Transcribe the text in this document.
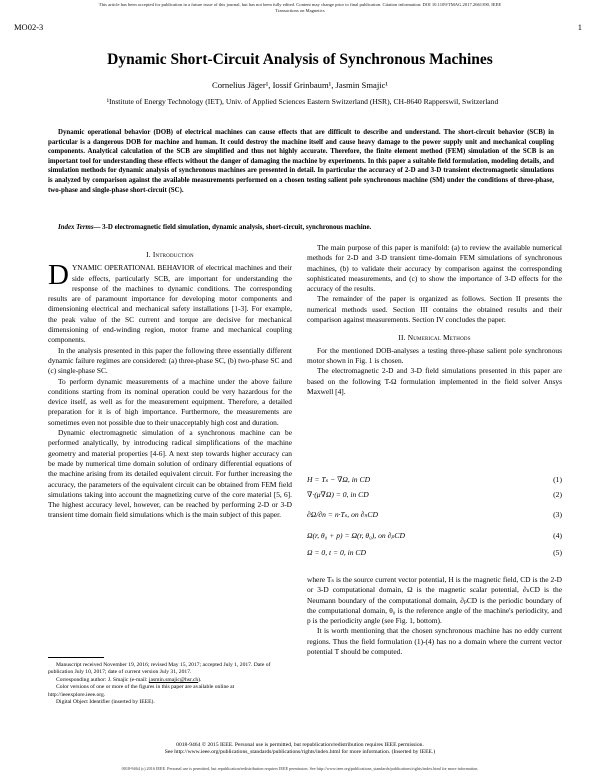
This article has been accepted for publication in a future issue of this journal, but has not been fully edited. Content may change prior to final publication. Citation information: DOI 10.1109/TMAG.2017.2661390, IEEE
Transactions on Magnetics
MO02-3	1
Dynamic Short-Circuit Analysis of Synchronous Machines
Cornelius Jäger¹, Iossif Grinbaum¹, Jasmin Smajic¹
¹Institute of Energy Technology (IET), Univ. of Applied Sciences Eastern Switzerland (HSR), CH-8640 Rapperswil, Switzerland
Dynamic operational behavior (DOB) of electrical machines can cause effects that are difficult to describe and understand. The short-circuit behavior (SCB) in particular is a dangerous DOB for machine and human. It could destroy the machine itself and cause heavy damage to the power supply unit and mechanical coupling components. Analytical calculation of the SCB are simplified and thus not highly accurate. Therefore, the finite element method (FEM) simulation of the SCB is an important tool for understanding these effects without the danger of damaging the machine by experiments. In this paper a suitable field formulation, modeling details, and simulation methods for dynamic analysis of synchronous machines are presented in detail. In particular the accuracy of 2-D and 3-D transient electromagnetic simulations is analyzed by comparison against the available measurements performed on a chosen testing salient pole synchronous machine (SM) under the conditions of three-phase, two-phase and single-phase short-circuit (SC).
Index Terms— 3-D electromagnetic field simulation, dynamic analysis, short-circuit, synchronous machine.
I. Introduction

DYNAMIC OPERATIONAL BEHAVIOR of electrical machines and their side effects, particularly SCB, are important for understanding the response of the machines to dynamic conditions. The corresponding results are of paramount importance for developing motor components and dimensioning electrical and mechanical safety installations [1-3]. For example, the peak value of the SC current and torque are decisive for mechanical dimensioning of end-winding region, motor frame and mechanical coupling components.

In the analysis presented in this paper the following three essentially different dynamic failure regimes are considered: (a) three-phase SC, (b) two-phase SC and (c) single-phase SC.

To perform dynamic measurements of a machine under the above failure conditions starting from its nominal operation could be very hazardous for the device itself, as well as for the measurement equipment. Therefore, a detailed preparation for it is of high importance. Furthermore, the measurements are sometimes even not possible due to their unacceptably high cost and duration.

Dynamic electromagnetic simulation of a synchronous machine can be performed analytically, by introducing radical simplifications of the machine geometry and material properties [4-6]. A next step towards higher accuracy can be made by numerical time domain solution of ordinary differential equations of the machine arising from its detailed equivalent circuit. For further increasing the accuracy, the parameters of the equivalent circuit can be obtained from FEM field simulations taking into account the magnetizing curve of the core material [5, 6]. The highest accuracy level, however, can be reached by performing 2-D or 3-D transient time domain field simulations which is the main subject of this paper.

Manuscript received November 19, 2016; revised May 15, 2017; accepted July 1, 2017. Date of publication July 10, 2017; date of current version July 31, 2017.

Corresponding author: J. Smajic (e-mail: jasmin.smajic@hsr.ch).

Color versions of one or more of the figures in this paper are available online at http://ieeexplore.ieee.org.

Digital Object Identifier (inserted by IEEE).

The main purpose of this paper is manifold: (a) to review the available numerical methods for 2-D and 3-D transient time-domain FEM simulations of synchronous machines, (b) to validate their accuracy by comparison against the corresponding sophisticated measurements, and (c) to show the importance of 3-D effects for the accuracy of the results.

The remainder of the paper is organized as follows. Section II presents the numerical methods used. Section III contains the obtained results and their comparison against measurements. Section IV concludes the paper.

II. Numerical Methods

For the mentioned DOB-analyses a testing three-phase salient pole synchronous motor shown in Fig. 1 is chosen.

The electromagnetic 2-D and 3-D field simulations presented in this paper are based on the following T-Ω formulation implemented in the field solver Ansys Maxwell [4].

H = Tₛ − ∇Ω, in CD	(1)
∇·(μ∇Ω) = 0, in CD	(2)
∂Ω/∂n = n·Tₛ, on ∂ₙCD	(3)
Ω(r, θ₀ + p) = Ω(r, θ₀), on ∂ₚCD	(4)
Ω = 0, t = 0, in CD	(5)

where Tₛ is the source current vector potential, H is the magnetic field, CD is the 2-D or 3-D computational domain, Ω is the magnetic scalar potential, ∂ₙCD is the Neumann boundary of the computational domain, ∂ₚCD is the periodic boundary of the computational domain, θ₀ is the reference angle of the machine's periodicity, and p is the periodicity angle (see Fig. 1, bottom).

It is worth mentioning that the chosen synchronous machine has no eddy current regions. Thus the field formulation (1)-(4) has no a domain where the current vector potential T should be computed.

0018-9464 © 2015 IEEE. Personal use is permitted, but republication/redistribution requires IEEE permission.
See http://www.ieee.org/publications_standards/publications/rights/index.html for more information. (Inserted by IEEE.)
0018-9464 (c) 2016 IEEE. Personal use is permitted, but republication/redistribution requires IEEE permission. See http://www.ieee.org/publications_standards/publications/rights/index.html for more information.
